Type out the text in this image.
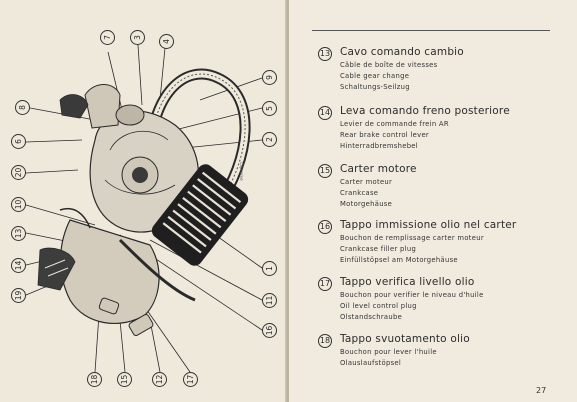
Clipcame
7	3
4
9
5
2
8
6
20
10
13
14
19
1
11
16
18	15	12	17
13 Cavo comando cambio
Câble de boîte de vitesses
Cable gear change
Schaltungs-Seilzug
14 Leva comando freno posteriore
Levier de commande frein AR
Rear brake control lever
Hinterradbremshebel
15 Carter motore
Carter moteur
Crankcase
Motorgehäuse
16 Tappo immissione olio nel carter
Bouchon de remplissage carter moteur
Crankcase filler plug
Einfüllstöpsel am Motorgehäuse
17 Tappo verifica livello olio
Bouchon pour verifier le niveau d'huile
Oil level control plug
Olstandschraube
18 Tappo svuotamento olio
Bouchon pour lever l'huile
Olauslaufstöpsel
27
